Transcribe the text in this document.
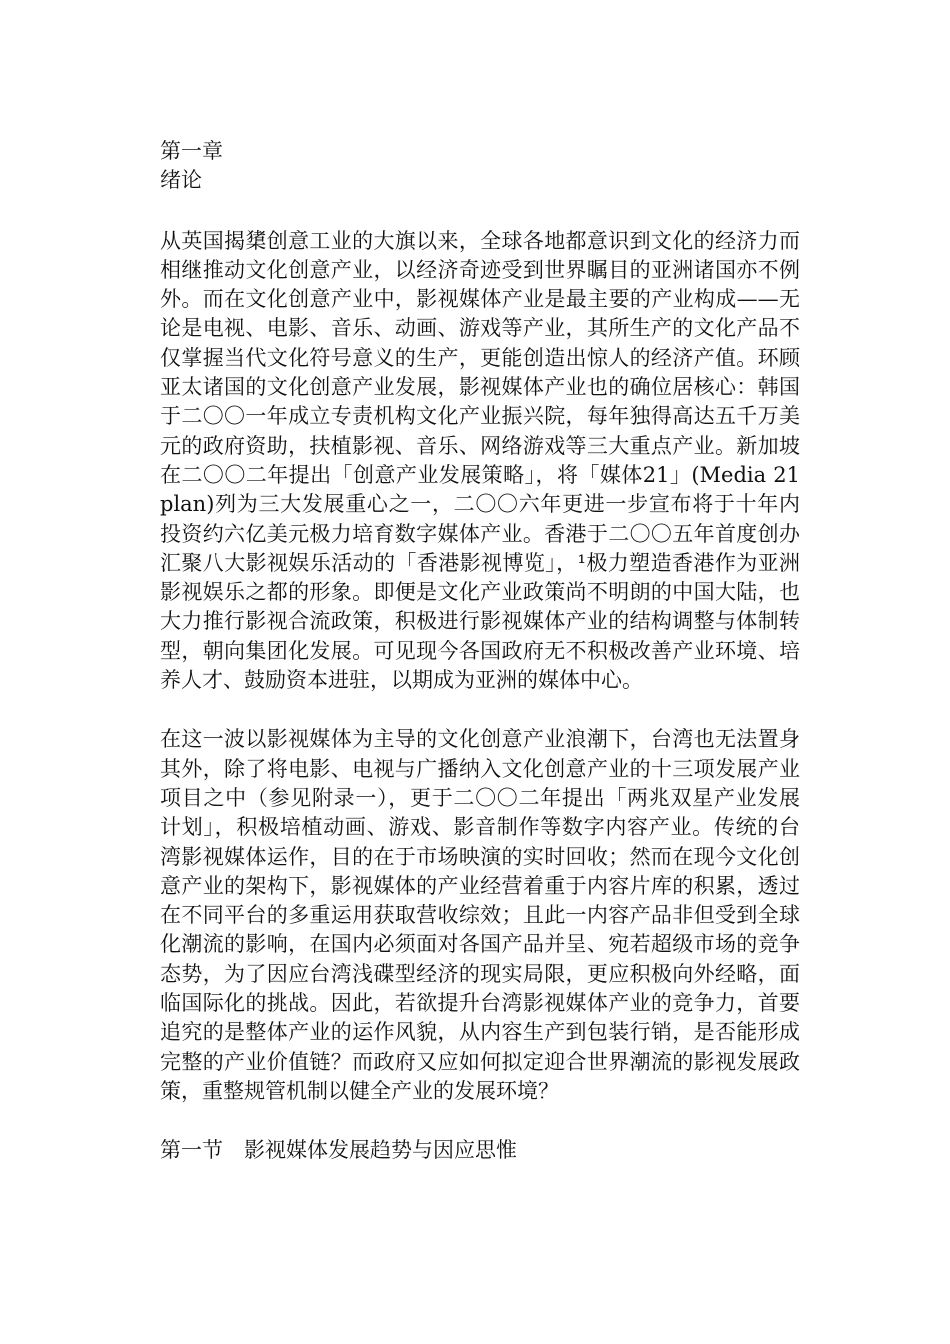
第一章
绪论

从英国揭橥创意工业的大旗以来，全球各地都意识到文化的经济力而相继推动文化创意产业，以经济奇迹受到世界瞩目的亚洲诸国亦不例外。而在文化创意产业中，影视媒体产业是最主要的产业构成——无论是电视、电影、音乐、动画、游戏等产业，其所生产的文化产品不仅掌握当代文化符号意义的生产，更能创造出惊人的经济产值。环顾亚太诸国的文化创意产业发展，影视媒体产业也的确位居核心：韩国于二〇〇一年成立专责机构文化产业振兴院，每年独得高达五千万美元的政府资助，扶植影视、音乐、网络游戏等三大重点产业。新加坡在二〇〇二年提出「创意产业发展策略」，将「媒体21」(Media 21 plan)列为三大发展重心之一，二〇〇六年更进一步宣布将于十年内投资约六亿美元极力培育数字媒体产业。香港于二〇〇五年首度创办汇聚八大影视娱乐活动的「香港影视博览」，¹极力塑造香港作为亚洲影视娱乐之都的形象。即便是文化产业政策尚不明朗的中国大陆，也大力推行影视合流政策，积极进行影视媒体产业的结构调整与体制转型，朝向集团化发展。可见现今各国政府无不积极改善产业环境、培养人才、鼓励资本进驻，以期成为亚洲的媒体中心。

在这一波以影视媒体为主导的文化创意产业浪潮下，台湾也无法置身其外，除了将电影、电视与广播纳入文化创意产业的十三项发展产业项目之中（参见附录一），更于二〇〇二年提出「两兆双星产业发展计划」，积极培植动画、游戏、影音制作等数字内容产业。传统的台湾影视媒体运作，目的在于市场映演的实时回收；然而在现今文化创意产业的架构下，影视媒体的产业经营着重于内容片库的积累，透过在不同平台的多重运用获取营收综效；且此一内容产品非但受到全球化潮流的影响，在国内必须面对各国产品并呈、宛若超级市场的竞争态势，为了因应台湾浅碟型经济的现实局限，更应积极向外经略，面临国际化的挑战。因此，若欲提升台湾影视媒体产业的竞争力，首要追究的是整体产业的运作风貌，从内容生产到包装行销，是否能形成完整的产业价值链？而政府又应如何拟定迎合世界潮流的影视发展政策，重整规管机制以健全产业的发展环境？

第一节　影视媒体发展趋势与因应思惟
